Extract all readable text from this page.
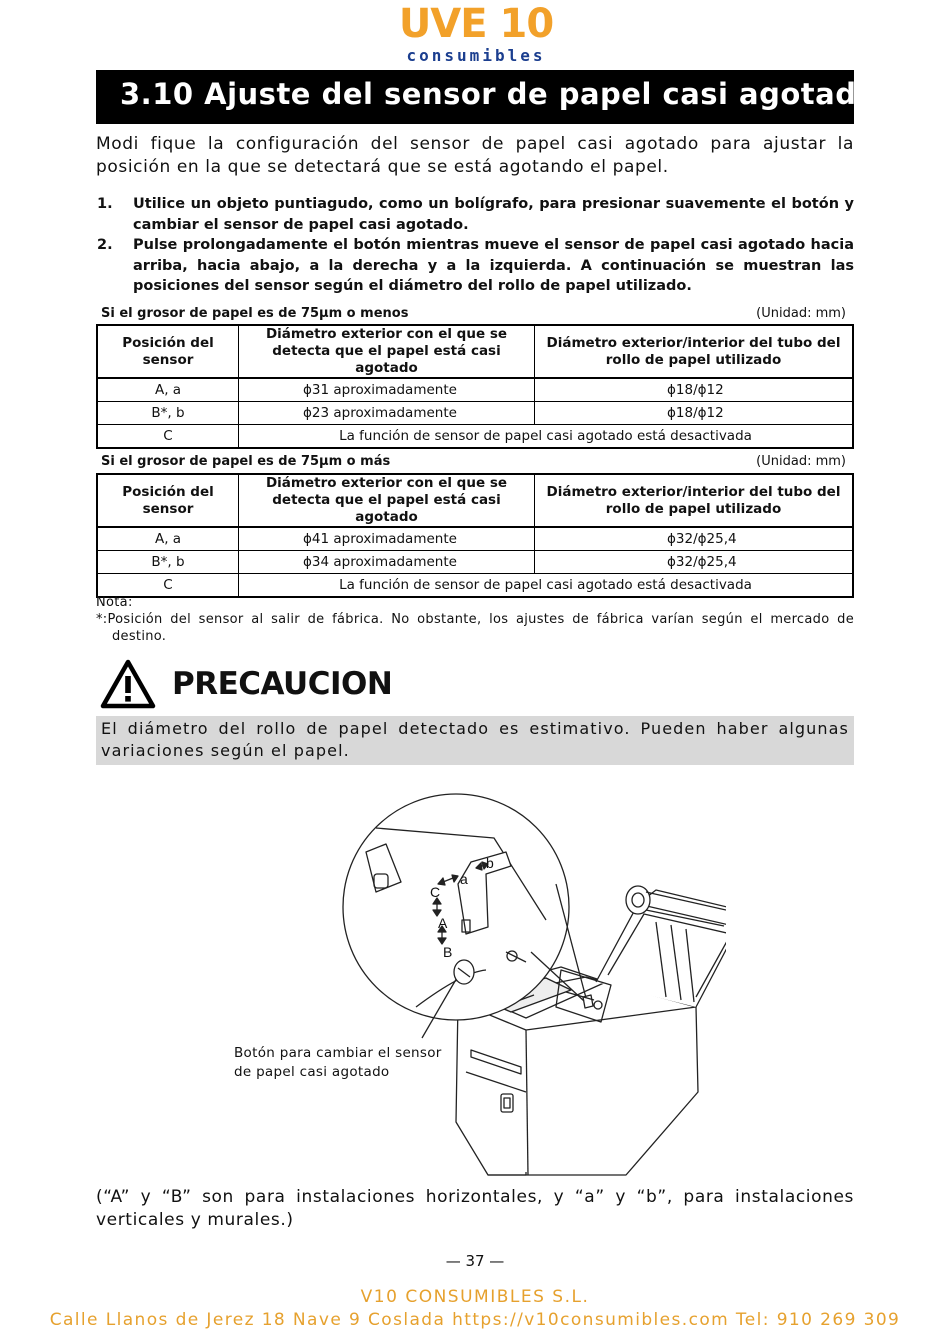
UVE 10
consumibles
3.10 Ajuste del sensor de papel casi agotado
Modi fique la configuración del sensor de papel casi agotado para ajustar la posición en la que se detectará que se está agotando el papel.
1. Utilice un objeto puntiagudo, como un bolígrafo, para presionar suavemente el botón y cambiar el sensor de papel casi agotado.
2. Pulse prolongadamente el botón mientras mueve el sensor de papel casi agotado hacia arriba, hacia abajo, a la derecha y a la izquierda. A continuación se muestran las posiciones del sensor según el diámetro del rollo de papel utilizado.
Si el grosor de papel es de 75µm o menos	(Unidad: mm)
Posición del sensor	Diámetro exterior con el que se detecta que el papel está casi agotado	Diámetro exterior/interior del tubo del rollo de papel utilizado
A, a	ϕ31 aproximadamente	ϕ18/ϕ12
B*, b	ϕ23 aproximadamente	ϕ18/ϕ12
C	La función de sensor de papel casi agotado está desactivada	
Si el grosor de papel es de 75µm o más	(Unidad: mm)
Posición del sensor	Diámetro exterior con el que se detecta que el papel está casi agotado	Diámetro exterior/interior del tubo del rollo de papel utilizado
A, a	ϕ41 aproximadamente	ϕ32/ϕ25,4
B*, b	ϕ34 aproximadamente	ϕ32/ϕ25,4
C	La función de sensor de papel casi agotado está desactivada	
Nota:
*:Posición del sensor al salir de fábrica. No obstante, los ajustes de fábrica varían según el mercado de destino.
PRECAUCION
El diámetro del rollo de papel detectado es estimativo. Pueden haber algunas variaciones según el papel.
C
a
b
A
B
Botón para cambiar el sensor
de papel casi agotado
(“A” y “B” son para instalaciones horizontales, y “a” y “b”, para instalaciones verticales y murales.)
— 37 —
V10 CONSUMIBLES S.L.
Calle Llanos de Jerez 18 Nave 9 Coslada https://v10consumibles.com Tel: 910 269 309
